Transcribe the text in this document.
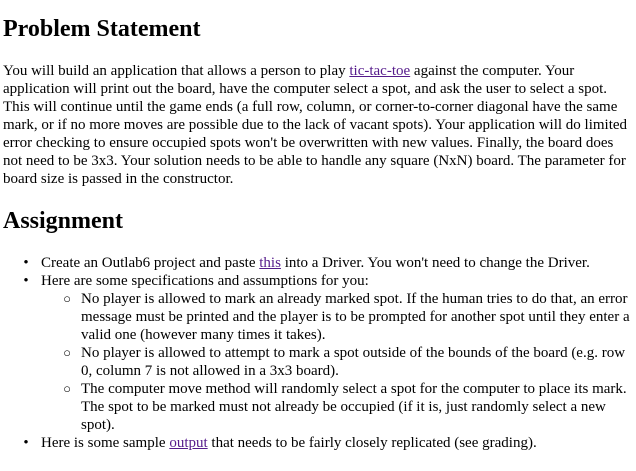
Problem Statement

You will build an application that allows a person to play tic-tac-toe against the computer. Your application will print out the board, have the computer select a spot, and ask the user to select a spot. This will continue until the game ends (a full row, column, or corner-to-corner diagonal have the same mark, or if no more moves are possible due to the lack of vacant spots). Your application will do limited error checking to ensure occupied spots won't be overwritten with new values. Finally, the board does not need to be 3x3. Your solution needs to be able to handle any square (NxN) board. The parameter for board size is passed in the constructor.

Assignment
• Create an Outlab6 project and paste this into a Driver. You won't need to change the Driver.
• Here are some specifications and assumptions for you:
○ No player is allowed to mark an already marked spot. If the human tries to do that, an error message must be printed and the player is to be prompted for another spot until they enter a valid one (however many times it takes).
○ No player is allowed to attempt to mark a spot outside of the bounds of the board (e.g. row 0, column 7 is not allowed in a 3x3 board).
○ The computer move method will randomly select a spot for the computer to place its mark. The spot to be marked must not already be occupied (if it is, just randomly select a new spot).
• Here is some sample output that needs to be fairly closely replicated (see grading).
